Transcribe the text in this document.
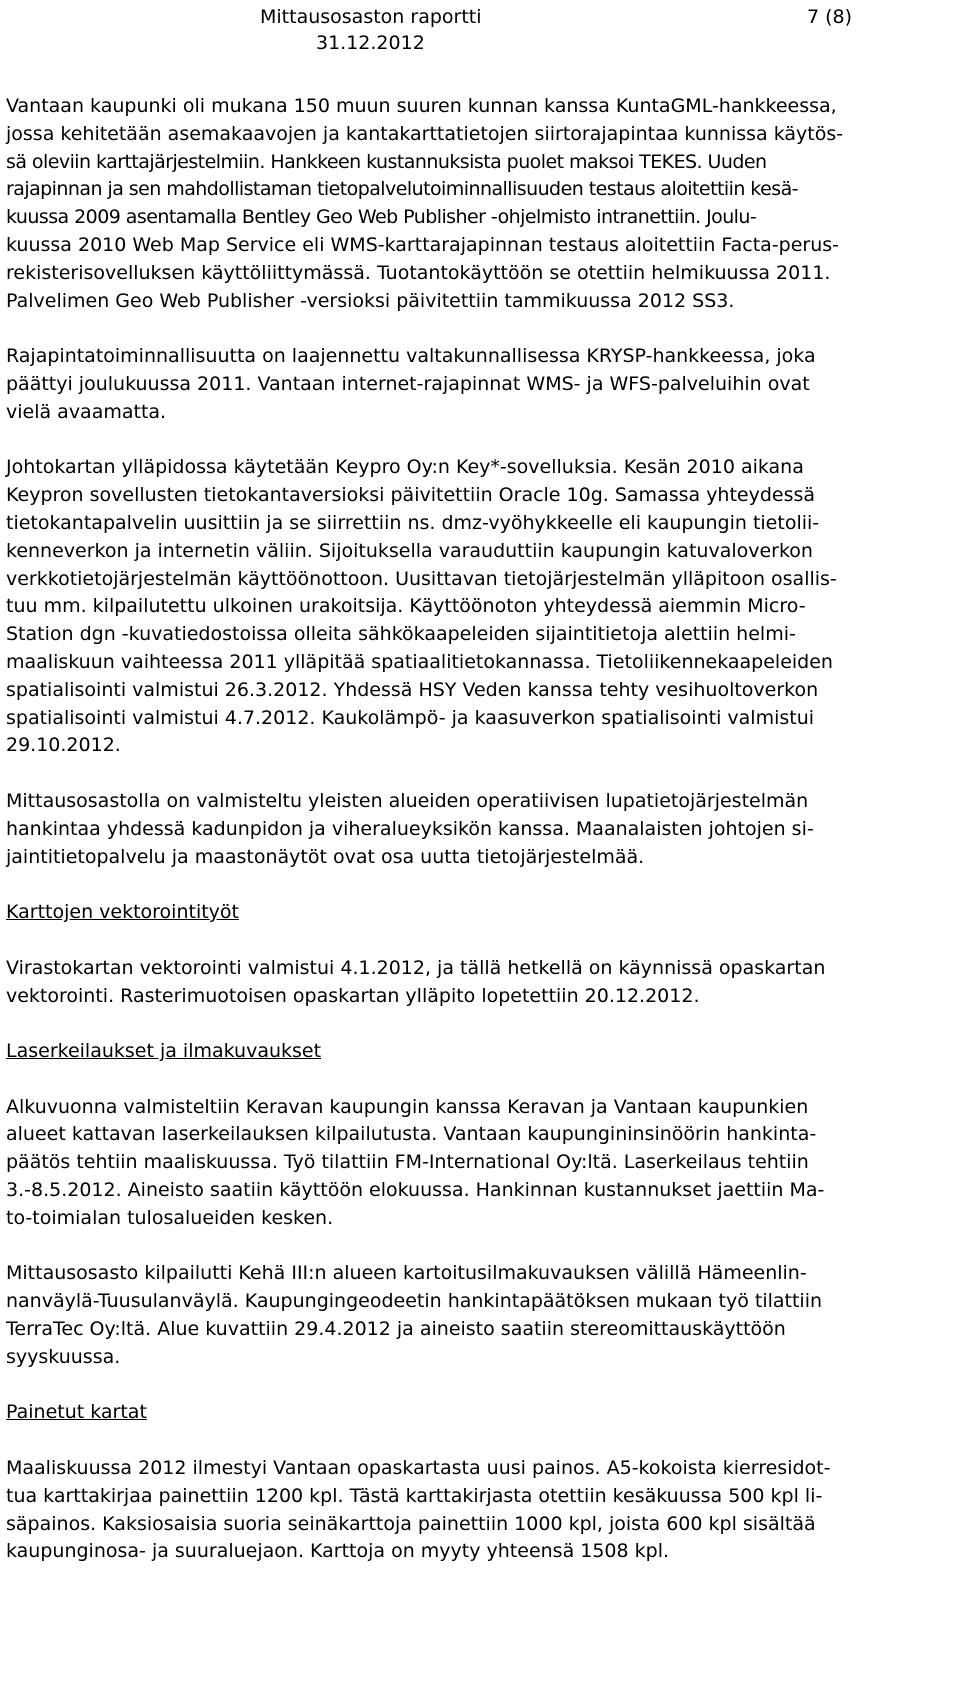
Mittausosaston raportti	7 (8)
31.12.2012

Vantaan kaupunki oli mukana 150 muun suuren kunnan kanssa KuntaGML-hankkeessa,
jossa kehitetään asemakaavojen ja kantakarttatietojen siirtorajapintaa kunnissa käytös-
sä oleviin karttajärjestelmiin. Hankkeen kustannuksista puolet maksoi TEKES. Uuden
rajapinnan ja sen mahdollistaman tietopalvelutoiminnallisuuden testaus aloitettiin kesä-
kuussa 2009 asentamalla Bentley Geo Web Publisher -ohjelmisto intranettiin. Joulu-
kuussa 2010 Web Map Service eli WMS-karttarajapinnan testaus aloitettiin Facta-perus-
rekisterisovelluksen käyttöliittymässä. Tuotantokäyttöön se otettiin helmikuussa 2011.
Palvelimen Geo Web Publisher -versioksi päivitettiin tammikuussa 2012 SS3.

Rajapintatoiminnallisuutta on laajennettu valtakunnallisessa KRYSP-hankkeessa, joka
päättyi joulukuussa 2011. Vantaan internet-rajapinnat WMS- ja WFS-palveluihin ovat
vielä avaamatta.

Johtokartan ylläpidossa käytetään Keypro Oy:n Key*-sovelluksia. Kesän 2010 aikana
Keypron sovellusten tietokantaversioksi päivitettiin Oracle 10g. Samassa yhteydessä
tietokantapalvelin uusittiin ja se siirrettiin ns. dmz-vyöhykkeelle eli kaupungin tietolii-
kenneverkon ja internetin väliin. Sijoituksella varauduttiin kaupungin katuvaloverkon
verkkotietojärjestelmän käyttöönottoon. Uusittavan tietojärjestelmän ylläpitoon osallis-
tuu mm. kilpailutettu ulkoinen urakoitsija. Käyttöönoton yhteydessä aiemmin Micro-
Station dgn -kuvatiedostoissa olleita sähkökaapeleiden sijaintitietoja alettiin helmi-
maaliskuun vaihteessa 2011 ylläpitää spatiaalitietokannassa. Tietoliikennekaapeleiden
spatialisointi valmistui 26.3.2012. Yhdessä HSY Veden kanssa tehty vesihuoltoverkon
spatialisointi valmistui 4.7.2012. Kaukolämpö- ja kaasuverkon spatialisointi valmistui
29.10.2012.

Mittausosastolla on valmisteltu yleisten alueiden operatiivisen lupatietojärjestelmän
hankintaa yhdessä kadunpidon ja viheralueyksikön kanssa. Maanalaisten johtojen si-
jaintitietopalvelu ja maastonäytöt ovat osa uutta tietojärjestelmää.

Karttojen vektorointityöt

Virastokartan vektorointi valmistui 4.1.2012, ja tällä hetkellä on käynnissä opaskartan
vektorointi. Rasterimuotoisen opaskartan ylläpito lopetettiin 20.12.2012.

Laserkeilaukset ja ilmakuvaukset

Alkuvuonna valmisteltiin Keravan kaupungin kanssa Keravan ja Vantaan kaupunkien
alueet kattavan laserkeilauksen kilpailutusta. Vantaan kaupungininsinöörin hankinta-
päätös tehtiin maaliskuussa. Työ tilattiin FM-International Oy:ltä. Laserkeilaus tehtiin
3.-8.5.2012. Aineisto saatiin käyttöön elokuussa. Hankinnan kustannukset jaettiin Ma-
to-toimialan tulosalueiden kesken.

Mittausosasto kilpailutti Kehä III:n alueen kartoitusilmakuvauksen välillä Hämeenlin-
nanväylä-Tuusulanväylä. Kaupungingeodeetin hankintapäätöksen mukaan työ tilattiin
TerraTec Oy:ltä. Alue kuvattiin 29.4.2012 ja aineisto saatiin stereomittauskäyttöön
syyskuussa.

Painetut kartat

Maaliskuussa 2012 ilmestyi Vantaan opaskartasta uusi painos. A5-kokoista kierresidot-
tua karttakirjaa painettiin 1200 kpl. Tästä karttakirjasta otettiin kesäkuussa 500 kpl li-
säpainos. Kaksiosaisia suoria seinäkarttoja painettiin 1000 kpl, joista 600 kpl sisältää
kaupunginosa- ja suuraluejaon. Karttoja on myyty yhteensä 1508 kpl.
